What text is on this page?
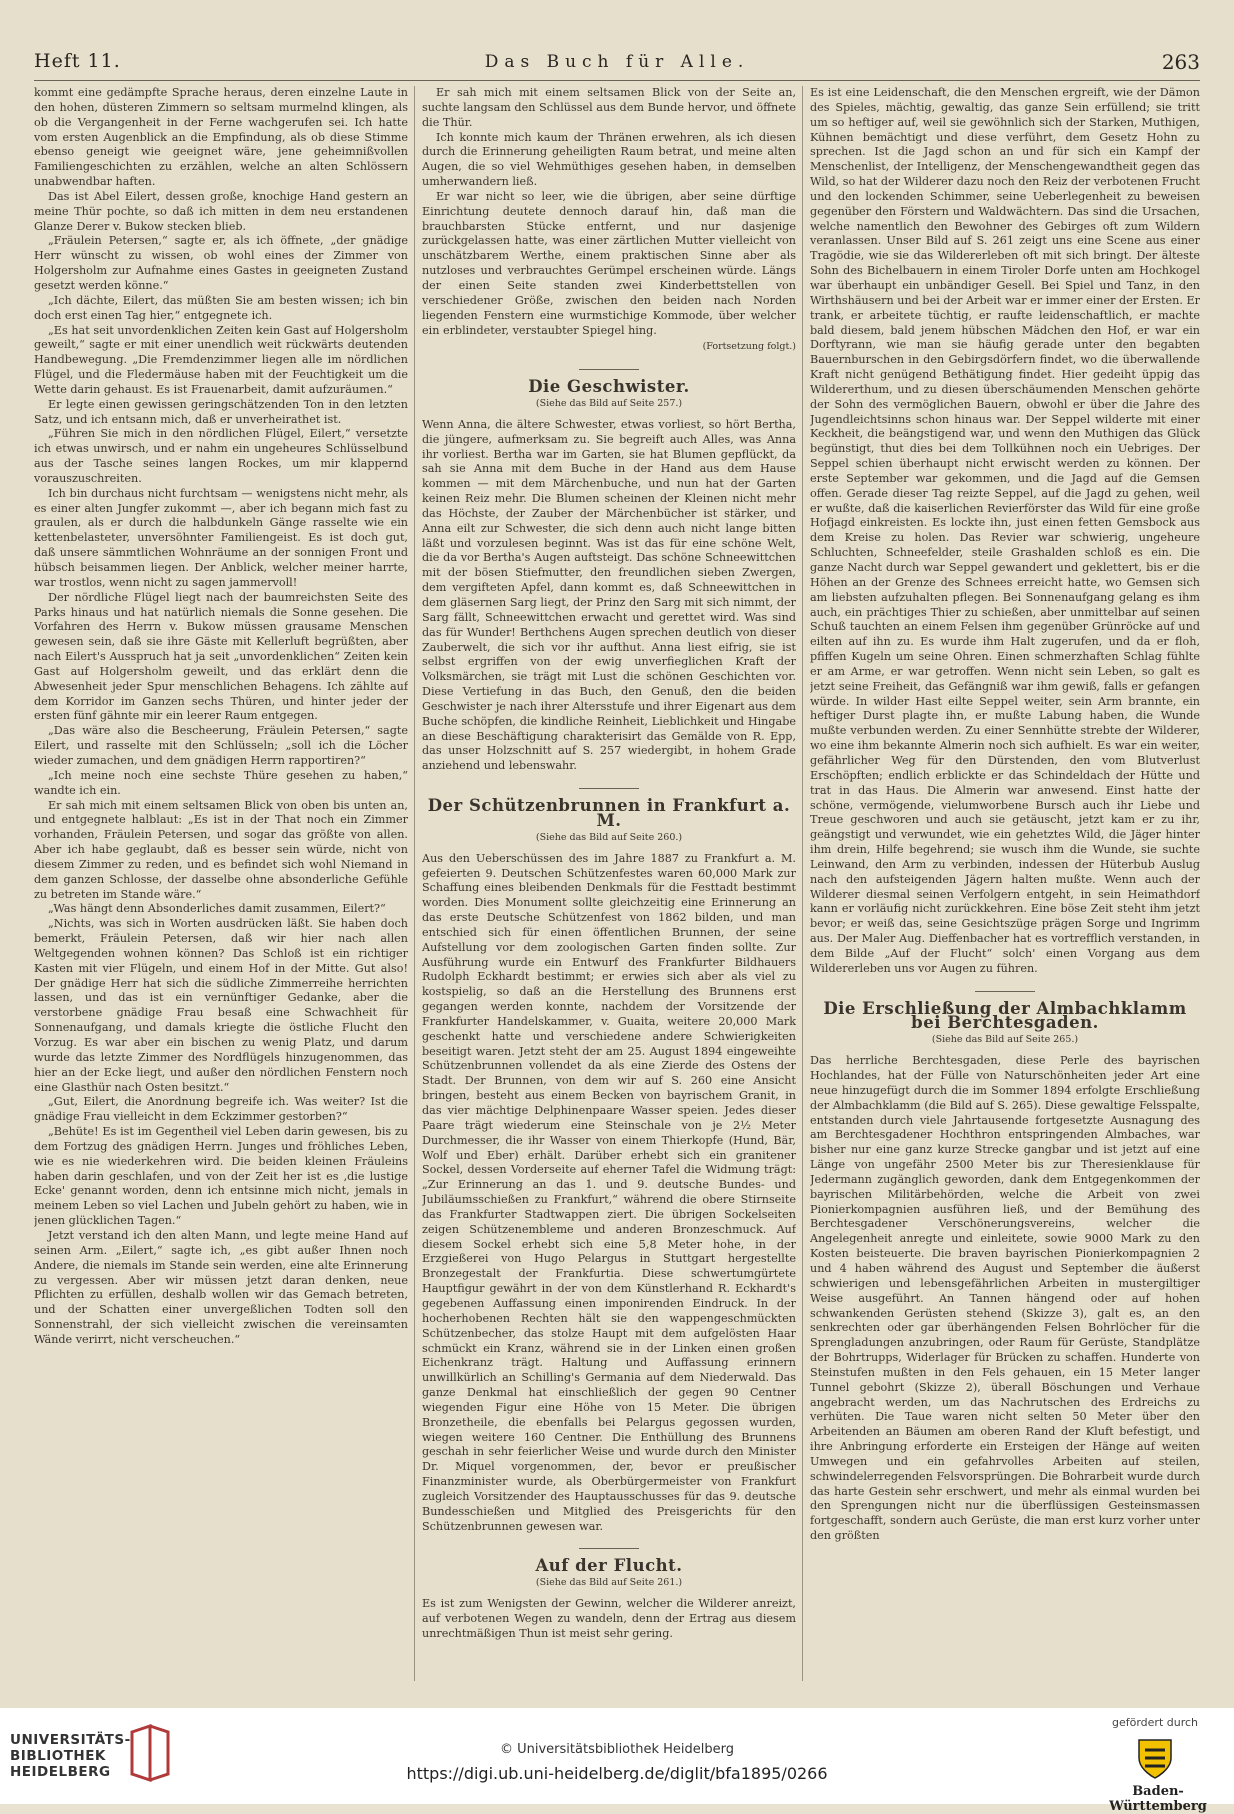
Heft 11.	Das Buch für Alle.	263

kommt eine gedämpfte Sprache heraus, deren einzelne Laute in den hohen, düsteren Zimmern so seltsam murmelnd klingen, als ob die Vergangenheit in der Ferne wachgerufen sei. Ich hatte vom ersten Augenblick an die Empfindung, als ob diese Stimme ebenso geneigt wie geeignet wäre, jene geheimnißvollen Familiengeschichten zu erzählen, welche an alten Schlössern unabwendbar haften.

Das ist Abel Eilert, dessen große, knochige Hand gestern an meine Thür pochte, so daß ich mitten in dem neu erstandenen Glanze Derer v. Bukow stecken blieb.

„Fräulein Petersen,“ sagte er, als ich öffnete, „der gnädige Herr wünscht zu wissen, ob wohl eines der Zimmer von Holgersholm zur Aufnahme eines Gastes in geeigneten Zustand gesetzt werden könne.“

„Ich dächte, Eilert, das müßten Sie am besten wissen; ich bin doch erst einen Tag hier,“ entgegnete ich.

„Es hat seit unvordenklichen Zeiten kein Gast auf Holgersholm geweilt,“ sagte er mit einer unendlich weit rückwärts deutenden Handbewegung. „Die Fremdenzimmer liegen alle im nördlichen Flügel, und die Fledermäuse haben mit der Feuchtigkeit um die Wette darin gehaust. Es ist Frauenarbeit, damit aufzuräumen.“

Er legte einen gewissen geringschätzenden Ton in den letzten Satz, und ich entsann mich, daß er unverheirathet ist.

„Führen Sie mich in den nördlichen Flügel, Eilert,“ versetzte ich etwas unwirsch, und er nahm ein ungeheures Schlüsselbund aus der Tasche seines langen Rockes, um mir klappernd vorauszuschreiten.

Ich bin durchaus nicht furchtsam — wenigstens nicht mehr, als es einer alten Jungfer zukommt —, aber ich begann mich fast zu graulen, als er durch die halbdunkeln Gänge rasselte wie ein kettenbelasteter, unversöhnter Familiengeist. Es ist doch gut, daß unsere sämmtlichen Wohnräume an der sonnigen Front und hübsch beisammen liegen. Der Anblick, welcher meiner harrte, war trostlos, wenn nicht zu sagen jammervoll!

Der nördliche Flügel liegt nach der baumreichsten Seite des Parks hinaus und hat natürlich niemals die Sonne gesehen. Die Vorfahren des Herrn v. Bukow müssen grausame Menschen gewesen sein, daß sie ihre Gäste mit Kellerluft begrüßten, aber nach Eilert's Ausspruch hat ja seit „unvordenklichen“ Zeiten kein Gast auf Holgersholm geweilt, und das erklärt denn die Abwesenheit jeder Spur menschlichen Behagens. Ich zählte auf dem Korridor im Ganzen sechs Thüren, und hinter jeder der ersten fünf gähnte mir ein leerer Raum entgegen.

„Das wäre also die Bescheerung, Fräulein Petersen,“ sagte Eilert, und rasselte mit den Schlüsseln; „soll ich die Löcher wieder zumachen, und dem gnädigen Herrn rapportiren?“

„Ich meine noch eine sechste Thüre gesehen zu haben,“ wandte ich ein.

Er sah mich mit einem seltsamen Blick von oben bis unten an, und entgegnete halblaut: „Es ist in der That noch ein Zimmer vorhanden, Fräulein Petersen, und sogar das größte von allen. Aber ich habe geglaubt, daß es besser sein würde, nicht von diesem Zimmer zu reden, und es befindet sich wohl Niemand in dem ganzen Schlosse, der dasselbe ohne absonderliche Gefühle zu betreten im Stande wäre.“

„Was hängt denn Absonderliches damit zusammen, Eilert?“

„Nichts, was sich in Worten ausdrücken läßt. Sie haben doch bemerkt, Fräulein Petersen, daß wir hier nach allen Weltgegenden wohnen können? Das Schloß ist ein richtiger Kasten mit vier Flügeln, und einem Hof in der Mitte. Gut also! Der gnädige Herr hat sich die südliche Zimmerreihe herrichten lassen, und das ist ein vernünftiger Gedanke, aber die verstorbene gnädige Frau besaß eine Schwachheit für Sonnenaufgang, und damals kriegte die östliche Flucht den Vorzug. Es war aber ein bischen zu wenig Platz, und darum wurde das letzte Zimmer des Nordflügels hinzugenommen, das hier an der Ecke liegt, und außer den nördlichen Fenstern noch eine Glasthür nach Osten besitzt.“

„Gut, Eilert, die Anordnung begreife ich. Was weiter? Ist die gnädige Frau vielleicht in dem Eckzimmer gestorben?“

„Behüte! Es ist im Gegentheil viel Leben darin gewesen, bis zu dem Fortzug des gnädigen Herrn. Junges und fröhliches Leben, wie es nie wiederkehren wird. Die beiden kleinen Fräuleins haben darin geschlafen, und von der Zeit her ist es ,die lustige Ecke' genannt worden, denn ich entsinne mich nicht, jemals in meinem Leben so viel Lachen und Jubeln gehört zu haben, wie in jenen glücklichen Tagen.“

Jetzt verstand ich den alten Mann, und legte meine Hand auf seinen Arm. „Eilert,“ sagte ich, „es gibt außer Ihnen noch Andere, die niemals im Stande sein werden, eine alte Erinnerung zu vergessen. Aber wir müssen jetzt daran denken, neue Pflichten zu erfüllen, deshalb wollen wir das Gemach betreten, und der Schatten einer unvergeßlichen Todten soll den Sonnenstrahl, der sich vielleicht zwischen die vereinsamten Wände verirrt, nicht verscheuchen.“

Er sah mich mit einem seltsamen Blick von der Seite an, suchte langsam den Schlüssel aus dem Bunde hervor, und öffnete die Thür.

Ich konnte mich kaum der Thränen erwehren, als ich diesen durch die Erinnerung geheiligten Raum betrat, und meine alten Augen, die so viel Wehmüthiges gesehen haben, in demselben umherwandern ließ.

Er war nicht so leer, wie die übrigen, aber seine dürftige Einrichtung deutete dennoch darauf hin, daß man die brauchbarsten Stücke entfernt, und nur dasjenige zurückgelassen hatte, was einer zärtlichen Mutter vielleicht von unschätzbarem Werthe, einem praktischen Sinne aber als nutzloses und verbrauchtes Gerümpel erscheinen würde. Längs der einen Seite standen zwei Kinderbettstellen von verschiedener Größe, zwischen den beiden nach Norden liegenden Fenstern eine wurmstichige Kommode, über welcher ein erblindeter, verstaubter Spiegel hing.

(Fortsetzung folgt.)
Die Geschwister.
(Siehe das Bild auf Seite 257.)

Wenn Anna, die ältere Schwester, etwas vorliest, so hört Bertha, die jüngere, aufmerksam zu. Sie begreift auch Alles, was Anna ihr vorliest. Bertha war im Garten, sie hat Blumen gepflückt, da sah sie Anna mit dem Buche in der Hand aus dem Hause kommen — mit dem Märchenbuche, und nun hat der Garten keinen Reiz mehr. Die Blumen scheinen der Kleinen nicht mehr das Höchste, der Zauber der Märchenbücher ist stärker, und Anna eilt zur Schwester, die sich denn auch nicht lange bitten läßt und vorzulesen beginnt. Was ist das für eine schöne Welt, die da vor Bertha's Augen auftsteigt. Das schöne Schneewittchen mit der bösen Stiefmutter, den freundlichen sieben Zwergen, dem vergifteten Apfel, dann kommt es, daß Schneewittchen in dem gläsernen Sarg liegt, der Prinz den Sarg mit sich nimmt, der Sarg fällt, Schneewittchen erwacht und gerettet wird. Was sind das für Wunder! Berthchens Augen sprechen deutlich von dieser Zauberwelt, die sich vor ihr aufthut. Anna liest eifrig, sie ist selbst ergriffen von der ewig unverfieglichen Kraft der Volksmärchen, sie trägt mit Lust die schönen Geschichten vor. Diese Vertiefung in das Buch, den Genuß, den die beiden Geschwister je nach ihrer Altersstufe und ihrer Eigenart aus dem Buche schöpfen, die kindliche Reinheit, Lieblichkeit und Hingabe an diese Beschäftigung charakterisirt das Gemälde von R. Epp, das unser Holzschnitt auf S. 257 wiedergibt, in hohem Grade anziehend und lebenswahr.

Der Schützenbrunnen in Frankfurt a. M.
(Siehe das Bild auf Seite 260.)

Aus den Ueberschüssen des im Jahre 1887 zu Frankfurt a. M. gefeierten 9. Deutschen Schützenfestes waren 60,000 Mark zur Schaffung eines bleibenden Denkmals für die Festtadt bestimmt worden. Dies Monument sollte gleichzeitig eine Erinnerung an das erste Deutsche Schützenfest von 1862 bilden, und man entschied sich für einen öffentlichen Brunnen, der seine Aufstellung vor dem zoologischen Garten finden sollte. Zur Ausführung wurde ein Entwurf des Frankfurter Bildhauers Rudolph Eckhardt bestimmt; er erwies sich aber als viel zu kostspielig, so daß an die Herstellung des Brunnens erst gegangen werden konnte, nachdem der Vorsitzende der Frankfurter Handelskammer, v. Guaita, weitere 20,000 Mark geschenkt hatte und verschiedene andere Schwierigkeiten beseitigt waren. Jetzt steht der am 25. August 1894 eingeweihte Schützenbrunnen vollendet da als eine Zierde des Ostens der Stadt. Der Brunnen, von dem wir auf S. 260 eine Ansicht bringen, besteht aus einem Becken von bayrischem Granit, in das vier mächtige Delphinenpaare Wasser speien. Jedes dieser Paare trägt wiederum eine Steinschale von je 2½ Meter Durchmesser, die ihr Wasser von einem Thierkopfe (Hund, Bär, Wolf und Eber) erhält. Darüber erhebt sich ein granitener Sockel, dessen Vorderseite auf eherner Tafel die Widmung trägt: „Zur Erinnerung an das 1. und 9. deutsche Bundes- und Jubiläumsschießen zu Frankfurt,“ während die obere Stirnseite das Frankfurter Stadtwappen ziert. Die übrigen Sockelseiten zeigen Schützenembleme und anderen Bronzeschmuck. Auf diesem Sockel erhebt sich eine 5,8 Meter hohe, in der Erzgießerei von Hugo Pelargus in Stuttgart hergestellte Bronzegestalt der Frankfurtia. Diese schwertumgürtete Hauptfigur gewährt in der von dem Künstlerhand R. Eckhardt's gegebenen Auffassung einen imponirenden Eindruck. In der hocherhobenen Rechten hält sie den wappengeschmückten Schützenbecher, das stolze Haupt mit dem aufgelösten Haar schmückt ein Kranz, während sie in der Linken einen großen Eichenkranz trägt. Haltung und Auffassung erinnern unwillkürlich an Schilling's Germania auf dem Niederwald. Das ganze Denkmal hat einschließlich der gegen 90 Centner wiegenden Figur eine Höhe von 15 Meter. Die übrigen Bronzetheile, die ebenfalls bei Pelargus gegossen wurden, wiegen weitere 160 Centner. Die Enthüllung des Brunnens geschah in sehr feierlicher Weise und wurde durch den Minister Dr. Miquel vorgenommen, der, bevor er preußischer Finanzminister wurde, als Oberbürgermeister von Frankfurt zugleich Vorsitzender des Hauptausschusses für das 9. deutsche Bundesschießen und Mitglied des Preisgerichts für den Schützenbrunnen gewesen war.

Auf der Flucht.
(Siehe das Bild auf Seite 261.)

Es ist zum Wenigsten der Gewinn, welcher die Wilderer anreizt, auf verbotenen Wegen zu wandeln, denn der Ertrag aus diesem unrechtmäßigen Thun ist meist sehr gering.

Es ist eine Leidenschaft, die den Menschen ergreift, wie der Dämon des Spieles, mächtig, gewaltig, das ganze Sein erfüllend; sie tritt um so heftiger auf, weil sie gewöhnlich sich der Starken, Muthigen, Kühnen bemächtigt und diese verführt, dem Gesetz Hohn zu sprechen. Ist die Jagd schon an und für sich ein Kampf der Menschenlist, der Intelligenz, der Menschengewandtheit gegen das Wild, so hat der Wilderer dazu noch den Reiz der verbotenen Frucht und den lockenden Schimmer, seine Ueberlegenheit zu beweisen gegenüber den Förstern und Waldwächtern. Das sind die Ursachen, welche namentlich den Bewohner des Gebirges oft zum Wildern veranlassen. Unser Bild auf S. 261 zeigt uns eine Scene aus einer Tragödie, wie sie das Wildererleben oft mit sich bringt. Der älteste Sohn des Bichelbauern in einem Tiroler Dorfe unten am Hochkogel war überhaupt ein unbändiger Gesell. Bei Spiel und Tanz, in den Wirthshäusern und bei der Arbeit war er immer einer der Ersten. Er trank, er arbeitete tüchtig, er raufte leidenschaftlich, er machte bald diesem, bald jenem hübschen Mädchen den Hof, er war ein Dorftyrann, wie man sie häufig gerade unter den begabten Bauernburschen in den Gebirgsdörfern findet, wo die überwallende Kraft nicht genügend Bethätigung findet. Hier gedeiht üppig das Wildererthum, und zu diesen überschäumenden Menschen gehörte der Sohn des vermöglichen Bauern, obwohl er über die Jahre des Jugendleichtsinns schon hinaus war. Der Seppel wilderte mit einer Keckheit, die beängstigend war, und wenn den Muthigen das Glück begünstigt, thut dies bei dem Tollkühnen noch ein Uebriges. Der Seppel schien überhaupt nicht erwischt werden zu können. Der erste September war gekommen, und die Jagd auf die Gemsen offen. Gerade dieser Tag reizte Seppel, auf die Jagd zu gehen, weil er wußte, daß die kaiserlichen Revierförster das Wild für eine große Hofjagd einkreisten. Es lockte ihn, just einen fetten Gemsbock aus dem Kreise zu holen. Das Revier war schwierig, ungeheure Schluchten, Schneefelder, steile Grashalden schloß es ein. Die ganze Nacht durch war Seppel gewandert und geklettert, bis er die Höhen an der Grenze des Schnees erreicht hatte, wo Gemsen sich am liebsten aufzuhalten pflegen. Bei Sonnenaufgang gelang es ihm auch, ein prächtiges Thier zu schießen, aber unmittelbar auf seinen Schuß tauchten an einem Felsen ihm gegenüber Grünröcke auf und eilten auf ihn zu. Es wurde ihm Halt zugerufen, und da er floh, pfiffen Kugeln um seine Ohren. Einen schmerzhaften Schlag fühlte er am Arme, er war getroffen. Wenn nicht sein Leben, so galt es jetzt seine Freiheit, das Gefängniß war ihm gewiß, falls er gefangen würde. In wilder Hast eilte Seppel weiter, sein Arm brannte, ein heftiger Durst plagte ihn, er mußte Labung haben, die Wunde mußte verbunden werden. Zu einer Sennhütte strebte der Wilderer, wo eine ihm bekannte Almerin noch sich aufhielt. Es war ein weiter, gefährlicher Weg für den Dürstenden, den vom Blutverlust Erschöpften; endlich erblickte er das Schindeldach der Hütte und trat in das Haus. Die Almerin war anwesend. Einst hatte der schöne, vermögende, vielumworbene Bursch auch ihr Liebe und Treue geschworen und auch sie getäuscht, jetzt kam er zu ihr, geängstigt und verwundet, wie ein gehetztes Wild, die Jäger hinter ihm drein, Hilfe begehrend; sie wusch ihm die Wunde, sie suchte Leinwand, den Arm zu verbinden, indessen der Hüterbub Auslug nach den aufsteigenden Jägern halten mußte. Wenn auch der Wilderer diesmal seinen Verfolgern entgeht, in sein Heimathdorf kann er vorläufig nicht zurückkehren. Eine böse Zeit steht ihm jetzt bevor; er weiß das, seine Gesichtszüge prägen Sorge und Ingrimm aus. Der Maler Aug. Dieffenbacher hat es vortrefflich verstanden, in dem Bilde „Auf der Flucht“ solch' einen Vorgang aus dem Wildererleben uns vor Augen zu führen.

Die Erschließung der Almbachklamm bei Berchtesgaden.
(Siehe das Bild auf Seite 265.)

Das herrliche Berchtesgaden, diese Perle des bayrischen Hochlandes, hat der Fülle von Naturschönheiten jeder Art eine neue hinzugefügt durch die im Sommer 1894 erfolgte Erschließung der Almbachklamm (die Bild auf S. 265). Diese gewaltige Felsspalte, entstanden durch viele Jahrtausende fortgesetzte Ausnagung des am Berchtesgadener Hochthron entspringenden Almbaches, war bisher nur eine ganz kurze Strecke gangbar und ist jetzt auf eine Länge von ungefähr 2500 Meter bis zur Theresienklause für Jedermann zugänglich geworden, dank dem Entgegenkommen der bayrischen Militärbehörden, welche die Arbeit von zwei Pionierkompagnien ausführen ließ, und der Bemühung des Berchtesgadener Verschönerungsvereins, welcher die Angelegenheit anregte und einleitete, sowie 9000 Mark zu den Kosten beisteuerte. Die braven bayrischen Pionierkompagnien 2 und 4 haben während des August und September die äußerst schwierigen und lebensgefährlichen Arbeiten in mustergiltiger Weise ausgeführt. An Tannen hängend oder auf hohen schwankenden Gerüsten stehend (Skizze 3), galt es, an den senkrechten oder gar überhängenden Felsen Bohrlöcher für die Sprengladungen anzubringen, oder Raum für Gerüste, Standplätze der Bohrtrupps, Widerlager für Brücken zu schaffen. Hunderte von Steinstufen mußten in den Fels gehauen, ein 15 Meter langer Tunnel gebohrt (Skizze 2), überall Böschungen und Verhaue angebracht werden, um das Nachrutschen des Erdreichs zu verhüten. Die Taue waren nicht selten 50 Meter über den Arbeitenden an Bäumen am oberen Rand der Kluft befestigt, und ihre Anbringung erforderte ein Ersteigen der Hänge auf weiten Umwegen und ein gefahrvolles Arbeiten auf steilen, schwindelerregenden Felsvorsprüngen. Die Bohrarbeit wurde durch das harte Gestein sehr erschwert, und mehr als einmal wurden bei den Sprengungen nicht nur die überflüssigen Gesteinsmassen fortgeschafft, sondern auch Gerüste, die man erst kurz vorher unter den größten

UNIVERSITÄTS-
BIBLIOTHEK
HEIDELBERG
© Universitätsbibliothek Heidelberg
https://digi.ub.uni-heidelberg.de/diglit/bfa1895/0266
gefördert durch
Baden-Württemberg
